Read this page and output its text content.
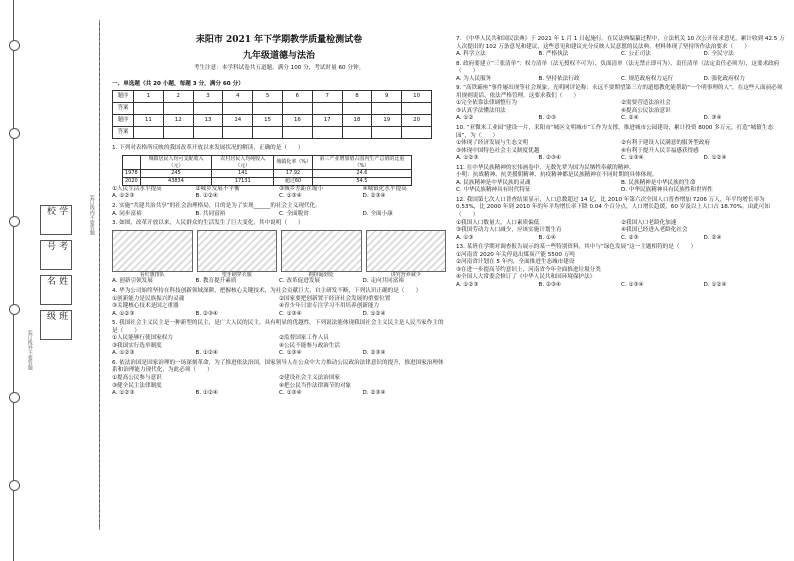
学校
考号
姓名
班级
装订线外不要答题
装订线内不要答题
耒阳市 2021 年下学期教学质量检测试卷
九年级道德与法治
考生注意：本学科试卷共五道题，满分 100 分，考试时量 60 分钟。
一、单选题（共 20 小题，每题 3 分，满分 60 分）
题序	1	2	3	4	5	6	7	8	9	10
答案										
题序	11	12	13	14	15	16	17	18	19	20
答案										
1. 下列对表格所反映的我国改革开放以来发展状况的解读，正确的是（　　）
	城镇居民人均可支配收入（元）	农村居民人均纯收入（元）	城镇化率（%）	第三产业增加值占国内生产总值的比重（%）
1978	245	141	17.92	24.6
2020	43834	17131	超过60	54.5
①人民生活水平提高	②城乡发展不平衡	③城乡差距在缩小	④城镇化水平提高
A. ①②③	B. ①②④	C. ①③④	D. ②③④
2. 实施“共建共治共享”的社会治理格局，目的是为了实现______的社会主义现代化。
A. 同步富裕	B. 共同富裕	C. 全面脱贫	D. 全面小康
3. 如图，改革开放以来，人民群众的生活发生了巨大变化，其中说明（　　）
看红旗排队	望牙刷穿衣服	拥挤遍到处	讲究营养减少
A. 创新引领发展	B. 教育提升素质	C. 改革促进发展	D. 走向共同富裕
4. 华为公司始终坚持在科技创新领域深耕，把握核心关键技术，为社会贡献巨大，自主研发不断，下列认识正确的是（　　）
①创新能力是民族振兴的灵魂	②国家要把创新置于经济社会发展的重要位置
③关键核心技术是国之重器	④青少年只需专注学习不用培养创新能力
A. ①②③	B. ②③④	C. ①③④	D. ①②④
5. 我国社会主义民主是一种新型的民主，是广大人民的民主，具有明显的优越性。下列说法能体现我国社会主义民主是人民当家作主的是（　　）
①人民能够行使国家权力	②监督国家工作人员
③我国实行选举制度	④公民不能参与政治生活
A. ①②③	B. ①②④	C. ①③④	D. ②③④
6. 依法治国是国家治理的一场深刻革命，为了推进依法治国，国家领导人在公众中大力推动公民政治法律意识的提升，推进国家治理体系和治理能力现代化，为此必须（　　）
①提高公民参与意识	②建设社会主义法治国家
③健全民主法律制度	④把公民当作法律调节的对象
A. ①②③	B. ①②④	C. ①③④	D. ②③④
7. 《中华人民共和国民法典》于 2021 年 1 月 1 日起施行。在民法典编纂过程中，立法机关 10 次公开征求意见，累计收到 42.5 万人次提出的 102 万条意见和建议，这些意见和建议充分反映人民意愿的民法典。材料体现了坚持所作法治要求（　　）
A. 科学立法	B. 严格执法	C. 公正司法	D. 全民守法
8. 政府要建立“三张清单”：权力清单（法无授权不可为）、负面清单（法无禁止即可为）、责任清单（法定责任必须为），这要求政府（　　）
A. 为人民服务	B. 坚持依法行政	C. 规范政府权力运行	D. 强化政府权力
9. “高铁霸座”事件屡出现等社会现象，光明网评论称：永远不要期望第三方的道德教化能帮助“一个明事理的人”，在这些人面前必须用规则说话、依法严格管理。这要求我们（　　）
①完全依靠法律调整行为	②需要营造法治社会
③认真学法懂法用法	④提高公民法治意识
A. ①②	B. ②③	C. ②④	D. ③④
10. “亚微米工业园”建设一片，耒阳市“城区文明城市”工作为支撑，推进城市公园建设，累计投资 8000 多万元，打造“城镇生态园”，为（　　）
①体现了经济发展与生态文明	②有利于建设人民满意的服务型政府
③体现中国特色社会主义制度优越	④有利于提升人民幸福感获得感
A. ①②③	B. ②③④	C. ①③④	D. ①②④
11. 在中华民族精神的宏伟画卷中，无数先辈为国为民牺牲奉献的精神。
小明：抗战精神、抗美援朝精神、抗疫精神都是民族精神在不同时期的具体体现。
A. 民族精神是中华民族的灵魂	B. 民族精神是中华民族的生命
C. 中华民族精神具有时代特征	D. 中华民族精神具有民族性和世界性
12. 我国第七次人口普查结果显示，人口总数超过 14 亿，比 2010 年第六次全国人口普查增加 7206 万人，年平均增长率为 0.53%，比 2000 年到 2010 年的年平均增长率下降 0.04 个百分点，人口增长趋缓，60 岁及以上人口占 18.70%。由此可知（　　）
①我国人口数量大，人口素质偏低	②我国人口老龄化加速
③我国劳动力人口减少，应该实施计划生育	④我国已经进入老龄化社会
A. ①③	B. ①④	C. ②③	D. ②④
13. 某班在学期对调查报告展示的某一些特别资料，其中与“绿色发展”这一主题相符的是（　　）
①河南省 2020 年关停退出煤炭产能 5500 万吨
②河南省计划在 5 年内，全面推进生态城市建设
③在进一步提高节约意识上，河南省今年全面推进垃圾分类
④全国人大常委会修订了《中华人民共和国环境保护法》
A. ①②③	B. ②③④	C. ①③④	D. ①②④
